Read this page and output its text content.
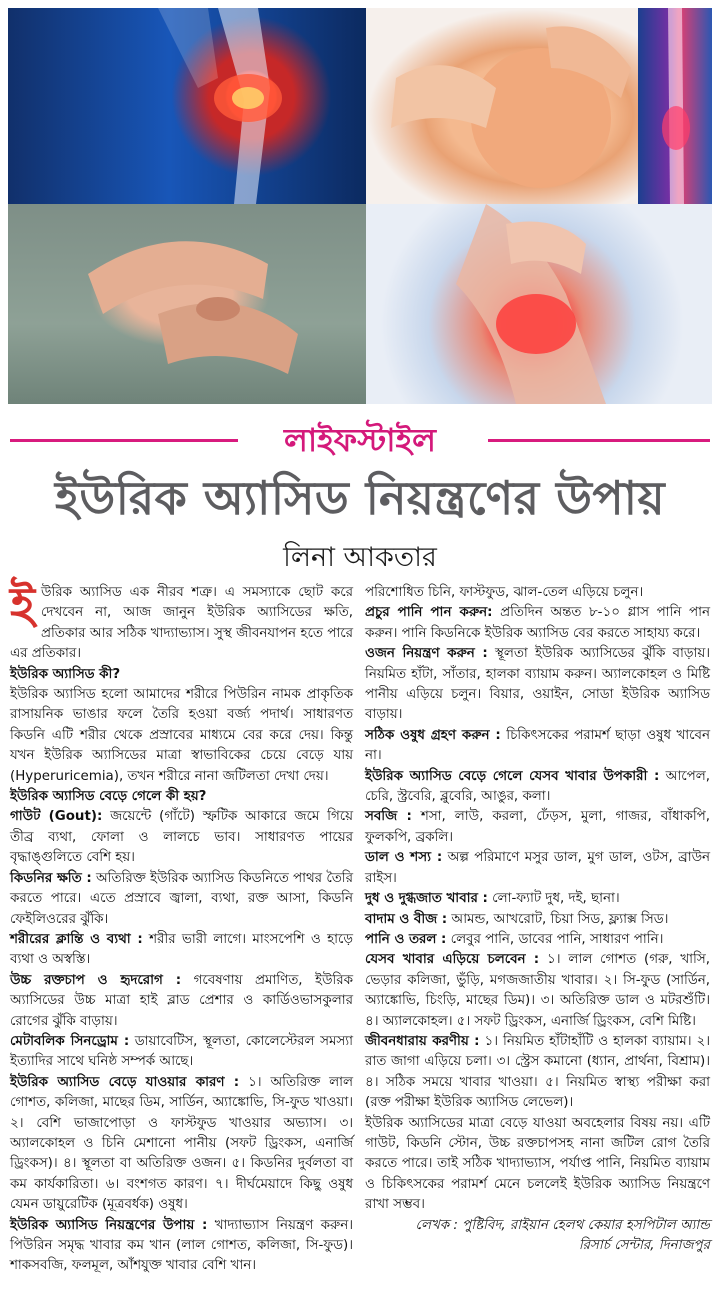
লাইফস্টাইল
ইউরিক অ্যাসিড নিয়ন্ত্রণের উপায়
লিনা আকতার

ইউরিক অ্যাসিড এক নীরব শত্রু। এ সমস্যাকে ছোট করে দেখবেন না, আজ জানুন ইউরিক অ্যাসিডের ক্ষতি, প্রতিকার আর সঠিক খাদ্যাভ্যাস। সুস্থ জীবনযাপন হতে পারে এর প্রতিকার।

ইউরিক অ্যাসিড কী?

ইউরিক অ্যাসিড হলো আমাদের শরীরে পিউরিন নামক প্রাকৃতিক রাসায়নিক ভাঙার ফলে তৈরি হওয়া বর্জ্য পদার্থ। সাধারণত কিডনি এটি শরীর থেকে প্রস্রাবের মাধ্যমে বের করে দেয়। কিন্তু যখন ইউরিক অ্যাসিডের মাত্রা স্বাভাবিকের চেয়ে বেড়ে যায় (Hyperuricemia), তখন শরীরে নানা জটিলতা দেখা দেয়।

ইউরিক অ্যাসিড বেড়ে গেলে কী হয়?

গাউট (Gout): জয়েন্টে (গাঁটে) স্ফটিক আকারে জমে গিয়ে তীব্র ব্যথা, ফোলা ও লালচে ভাব। সাধারণত পায়ের বৃদ্ধাঙ্গুলিতে বেশি হয়।

কিডনির ক্ষতি : অতিরিক্ত ইউরিক অ্যাসিড কিডনিতে পাথর তৈরি করতে পারে। এতে প্রস্রাবে জ্বালা, ব্যথা, রক্ত আসা, কিডনি ফেইলিওরের ঝুঁকি।

শরীরের ক্লান্তি ও ব্যথা : শরীর ভারী লাগে। মাংসপেশি ও হাড়ে ব্যথা ও অস্বস্তি।

উচ্চ রক্তচাপ ও হৃদরোগ : গবেষণায় প্রমাণিত, ইউরিক অ্যাসিডের উচ্চ মাত্রা হাই ব্লাড প্রেশার ও কার্ডিওভাসকুলার রোগের ঝুঁকি বাড়ায়।

মেটাবলিক সিনড্রোম : ডায়াবেটিস, স্থূলতা, কোলেস্টেরল সমস্যা ইত্যাদির সাথে ঘনিষ্ঠ সম্পর্ক আছে।

ইউরিক অ্যাসিড বেড়ে যাওয়ার কারণ : ১। অতিরিক্ত লাল গোশত, কলিজা, মাছের ডিম, সার্ডিন, অ্যাঙ্কোভি, সি-ফুড খাওয়া। ২। বেশি ভাজাপোড়া ও ফাস্টফুড খাওয়ার অভ্যাস। ৩। অ্যালকোহল ও চিনি মেশানো পানীয় (সফট ড্রিংকস, এনার্জি ড্রিংকস)। ৪। স্থূলতা বা অতিরিক্ত ওজন। ৫। কিডনির দুর্বলতা বা কম কার্যকারিতা। ৬। বংশগত কারণ। ৭। দীর্ঘমেয়াদে কিছু ওষুধ যেমন ডায়ুরেটিক (মূত্রবর্ধক) ওষুধ।

ইউরিক অ্যাসিড নিয়ন্ত্রণের উপায় : খাদ্যাভ্যাস নিয়ন্ত্রণ করুন। পিউরিন সমৃদ্ধ খাবার কম খান (লাল গোশত, কলিজা, সি-ফুড)। শাকসবজি, ফলমূল, আঁশযুক্ত খাবার বেশি খান।

পরিশোধিত চিনি, ফাস্টফুড, ঝাল-তেল এড়িয়ে চলুন।

প্রচুর পানি পান করুন: প্রতিদিন অন্তত ৮-১০ গ্লাস পানি পান করুন। পানি কিডনিকে ইউরিক অ্যাসিড বের করতে সাহায্য করে।

ওজন নিয়ন্ত্রণ করুন : স্থূলতা ইউরিক অ্যাসিডের ঝুঁকি বাড়ায়। নিয়মিত হাঁটা, সাঁতার, হালকা ব্যায়াম করুন। অ্যালকোহল ও মিষ্টি পানীয় এড়িয়ে চলুন। বিয়ার, ওয়াইন, সোডা ইউরিক অ্যাসিড বাড়ায়।

সঠিক ওষুধ গ্রহণ করুন : চিকিৎসকের পরামর্শ ছাড়া ওষুধ খাবেন না।

ইউরিক অ্যাসিড বেড়ে গেলে যেসব খাবার উপকারী : আপেল, চেরি, স্ট্রবেরি, ব্লুবেরি, আঙুর, কলা।

সবজি : শসা, লাউ, করলা, ঢেঁড়স, মুলা, গাজর, বাঁধাকপি, ফুলকপি, ব্রকলি।

ডাল ও শস্য : অল্প পরিমাণে মসুর ডাল, মুগ ডাল, ওটস, ব্রাউন রাইস।

দুধ ও দুগ্ধজাত খাবার : লো-ফ্যাট দুধ, দই, ছানা।

বাদাম ও বীজ : আমন্ড, আখরোট, চিয়া সিড, ফ্ল্যাক্স সিড।

পানি ও তরল : লেবুর পানি, ডাবের পানি, সাধারণ পানি।

যেসব খাবার এড়িয়ে চলবেন : ১। লাল গোশত (গরু, খাসি, ভেড়ার কলিজা, ভুঁড়ি, মগজজাতীয় খাবার। ২। সি-ফুড (সার্ডিন, অ্যাঙ্কোভি, চিংড়ি, মাছের ডিম)। ৩। অতিরিক্ত ডাল ও মটরশুঁটি। ৪। অ্যালকোহল। ৫। সফট ড্রিংকস, এনার্জি ড্রিংকস, বেশি মিষ্টি।

জীবনধারায় করণীয় : ১। নিয়মিত হাঁটাহাঁটি ও হালকা ব্যায়াম। ২। রাত জাগা এড়িয়ে চলা। ৩। স্ট্রেস কমানো (ধ্যান, প্রার্থনা, বিশ্রাম)। ৪। সঠিক সময়ে খাবার খাওয়া। ৫। নিয়মিত স্বাস্থ্য পরীক্ষা করা (রক্ত পরীক্ষা ইউরিক অ্যাসিড লেভেল)।

ইউরিক অ্যাসিডের মাত্রা বেড়ে যাওয়া অবহেলার বিষয় নয়। এটি গাউট, কিডনি স্টোন, উচ্চ রক্তচাপসহ নানা জটিল রোগ তৈরি করতে পারে। তাই সঠিক খাদ্যাভ্যাস, পর্যাপ্ত পানি, নিয়মিত ব্যায়াম ও চিকিৎসকের পরামর্শ মেনে চললেই ইউরিক অ্যাসিড নিয়ন্ত্রণে রাখা সম্ভব।

লেখক : পুষ্টিবিদ, রাইয়ান হেলথ কেয়ার হসপিটাল অ্যান্ড
রিসার্চ সেন্টার, দিনাজপুর
